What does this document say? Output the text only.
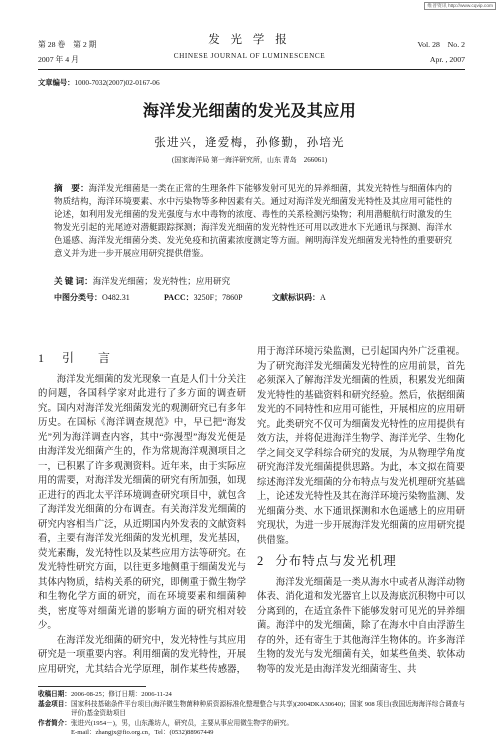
维普资讯 http://www.cqvip.com
第 28 卷　第 2 期
2007 年 4 月
发 光 学 报
CHINESE JOURNAL OF LUMINESCENCE
Vol. 28　No. 2
Apr. , 2007
文章编号：1000-7032(2007)02-0167-06
海洋发光细菌的发光及其应用
张进兴，逄爱梅，孙修勤，孙培光
(国家海洋局 第一海洋研究所，山东 青岛　266061)
摘　要：海洋发光细菌是一类在正常的生理条件下能够发射可见光的异养细菌，其发光特性与细菌体内的物质结构，海洋环境要素、水中污染物等多种因素有关。通过对海洋发光细菌发光特性及其应用可能性的论述，如利用发光细菌的发光强度与水中毒物的浓度、毒性的关系检测污染物；利用潜艇航行时激发的生物发光引起的光尾迹对潜艇跟踪探测；海洋发光细菌的发光特性还可用以改进水下光通讯与探测、海洋水色遥感、海洋发光细菌分类、发光免疫和抗菌素浓度测定等方面。阐明海洋发光细菌发光特性的重要研究意义并为进一步开展应用研究提供借鉴。
关 键 词：海洋发光细菌；发光特性；应用研究
中图分类号：O482.31	PACC：3250F；7860P	文献标识码：A
1 引　言

海洋发光细菌的发光现象一直是人们十分关注的问题，各国科学家对此进行了多方面的调查研究。国内对海洋发光细菌发光的观测研究已有多年历史。在国标《海洋调查规范》中，早已把“海发光”列为海洋调查内容，其中“弥漫型”海发光便是由海洋发光细菌产生的，作为常规海洋观测项目之一，已积累了许多观测资料。近年来，由于实际应用的需要，对海洋发光细菌的研究有所加强，如现正进行的西北太平洋环境调查研究项目中，就包含了海洋发光细菌的分布调查。有关海洋发光细菌的研究内容相当广泛，从近期国内外发表的文献资料看，主要有海洋发光细菌的发光机理，发光基因，荧光素酶，发光特性以及某些应用方法等研究。在发光特性研究方面，以往更多地侧重于细菌发光与其体内物质，结构关系的研究，即侧重于微生物学和生物化学方面的研究，而在环境要素和细菌种类，密度等对细菌光谱的影响方面的研究相对较少。

在海洋发光细菌的研究中，发光特性与其应用研究是一项重要内容。利用细菌的发光特性，开展应用研究，尤其结合光学原理，制作某些传感器，用于海洋环境污染监测，已引起国内外广泛重视。为了研究海洋发光细菌发光特性的应用前景，首先必须深入了解海洋发光细菌的性质，积累发光细菌发光特性的基础资料和研究经验。然后，依据细菌发光的不同特性和应用可能性，开展相应的应用研究。此类研究不仅可为细菌发光特性的应用提供有效方法，并将促进海洋生物学、海洋光学、生物化学之间交叉学科综合研究的发展，为从物理学角度研究海洋发光细菌提供思路。为此，本文拟在简要综述海洋发光细菌的分布特点与发光机理研究基础上，论述发光特性及其在海洋环境污染物监测、发光细菌分类、水下通讯探测和水色遥感上的应用研究现状，为进一步开展海洋发光细菌的应用研究提供借鉴。

2 分布特点与发光机理

海洋发光细菌是一类从海水中或者从海洋动物体表、消化道和发光器官上以及海底沉积物中可以分离到的，在适宜条件下能够发射可见光的异养细菌。海洋中的发光细菌，除了在海水中自由浮游生存的外，还有寄生于其他海洋生物体的。许多海洋生物的发光与发光细菌有关，如某些鱼类、软体动物等的发光是由海洋发光细菌寄生、共

收稿日期： 2006-08-25；修订日期：2006-11-24
基金项目： 国家科技基础条件平台项目(海洋微生物菌种种质资源标准化整理整合与共享)(2004DKA30640)；国家 908 项目(我国近海海洋综合调查与评价)基金资助项目
作者简介： 张进兴(1954－)，男，山东潍坊人，研究员，主要从事应用微生物学的研究。
E-mail：zhangjx@fio.org.cn，Tel：(0532)88967449
